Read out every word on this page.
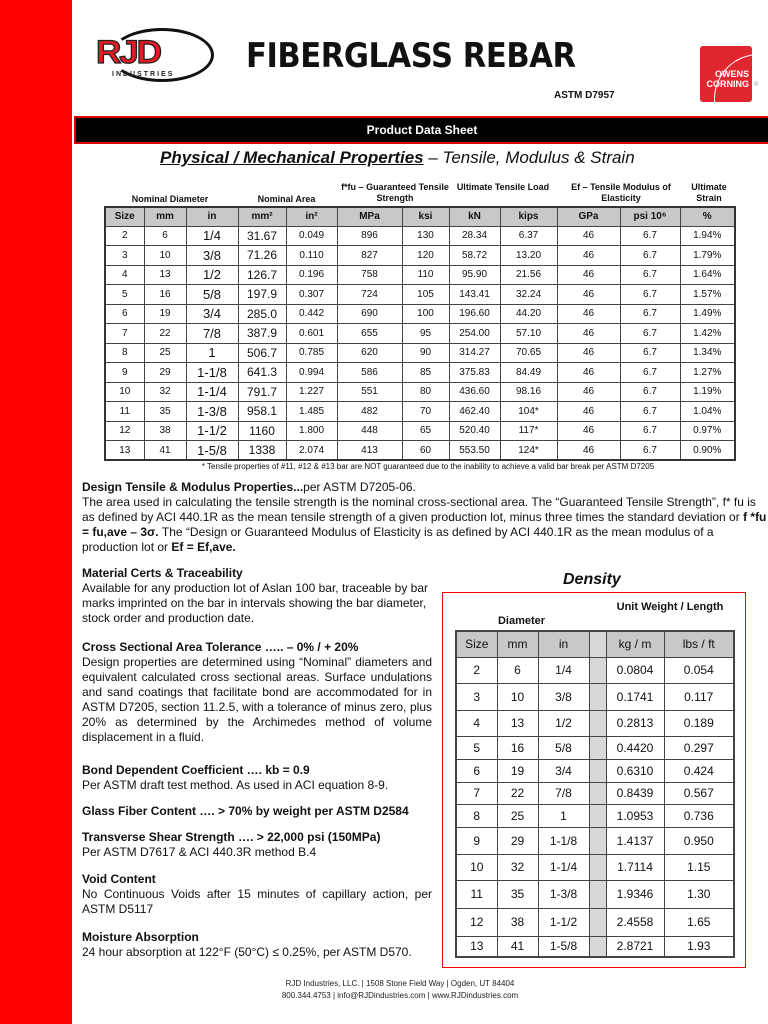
RJD
INDUSTRIES FIBERGLASS REBAR
ASTM D7957
OWENS
CORNING ®
Product Data Sheet
Physical / Mechanical Properties – Tensile, Modulus & Strain
Nominal Diameter	Nominal Area
f*fu – Guaranteed Tensile Strength
Ultimate Tensile Load	Ef – Tensile Modulus of Elasticity
Ultimate Strain
Size	mm	in	mm²	in²	MPa	ksi	kN	kips	GPa	psi 10⁶	%
2	6	1/4	31.67	0.049	896	130	28.34	6.37	46	6.7	1.94%
3	10	3/8	71.26	0.110	827	120	58.72	13.20	46	6.7	1.79%
4	13	1/2	126.7	0.196	758	110	95.90	21.56	46	6.7	1.64%
5	16	5/8	197.9	0.307	724	105	143.41	32.24	46	6.7	1.57%
6	19	3/4	285.0	0.442	690	100	196.60	44.20	46	6.7	1.49%
7	22	7/8	387.9	0.601	655	95	254.00	57.10	46	6.7	1.42%
8	25	1	506.7	0.785	620	90	314.27	70.65	46	6.7	1.34%
9	29	1-1/8	641.3	0.994	586	85	375.83	84.49	46	6.7	1.27%
10	32	1-1/4	791.7	1.227	551	80	436.60	98.16	46	6.7	1.19%
11	35	1-3/8	958.1	1.485	482	70	462.40	104*	46	6.7	1.04%
12	38	1-1/2	1160	1.800	448	65	520.40	117*	46	6.7	0.97%
13	41	1-5/8	1338	2.074	413	60	553.50	124*	46	6.7	0.90%
* Tensile properties of #11, #12 & #13 bar are NOT guaranteed due to the inability to achieve a valid bar break per ASTM D7205
Design Tensile & Modulus Properties...per ASTM D7205-06.
The area used in calculating the tensile strength is the nominal cross-sectional area. The “Guaranteed Tensile Strength”, f* fu is as defined by ACI 440.1R as the mean tensile strength of a given production lot, minus three times the standard deviation or f *fu = fu,ave – 3σ. The “Design or Guaranteed Modulus of Elasticity is as defined by ACI 440.1R as the mean modulus of a production lot or Ef = Ef,ave.
Material Certs & Traceability
Available for any production lot of Aslan 100 bar, traceable by bar marks imprinted on the bar in intervals showing the bar diameter, stock order and production date.
Cross Sectional Area Tolerance ….. – 0% / + 20%
Design properties are determined using “Nominal” diameters and equivalent calculated cross sectional areas. Surface undulations and sand coatings that facilitate bond are accommodated for in ASTM D7205, section 11.2.5, with a tolerance of minus zero, plus 20% as determined by the Archimedes method of volume displacement in a fluid.
Bond Dependent Coefficient …. kb = 0.9
Per ASTM draft test method. As used in ACI equation 8-9.
Glass Fiber Content …. > 70% by weight per ASTM D2584
Transverse Shear Strength …. > 22,000 psi (150MPa)
Per ASTM D7617 & ACI 440.3R method B.4
Void Content
No Continuous Voids after 15 minutes of capillary action, per ASTM D5117
Moisture Absorption
24 hour absorption at 122°F (50°C) ≤ 0.25%, per ASTM D570.
Density
Diameter
Unit Weight / Length
Size	mm	in		kg / m	lbs / ft
2	6	1/4		0.0804	0.054
3	10	3/8		0.1741	0.117
4	13	1/2		0.2813	0.189
5	16	5/8		0.4420	0.297
6	19	3/4		0.6310	0.424
7	22	7/8		0.8439	0.567
8	25	1		1.0953	0.736
9	29	1-1/8		1.4137	0.950
10	32	1-1/4		1.7114	1.15
11	35	1-3/8		1.9346	1.30
12	38	1-1/2		2.4558	1.65
13	41	1-5/8		2.8721	1.93
RJD Industries, LLC. | 1508 Stone Field Way | Ogden, UT 84404
800.344.4753 | info@RJDindustries.com | www.RJDindustries.com
